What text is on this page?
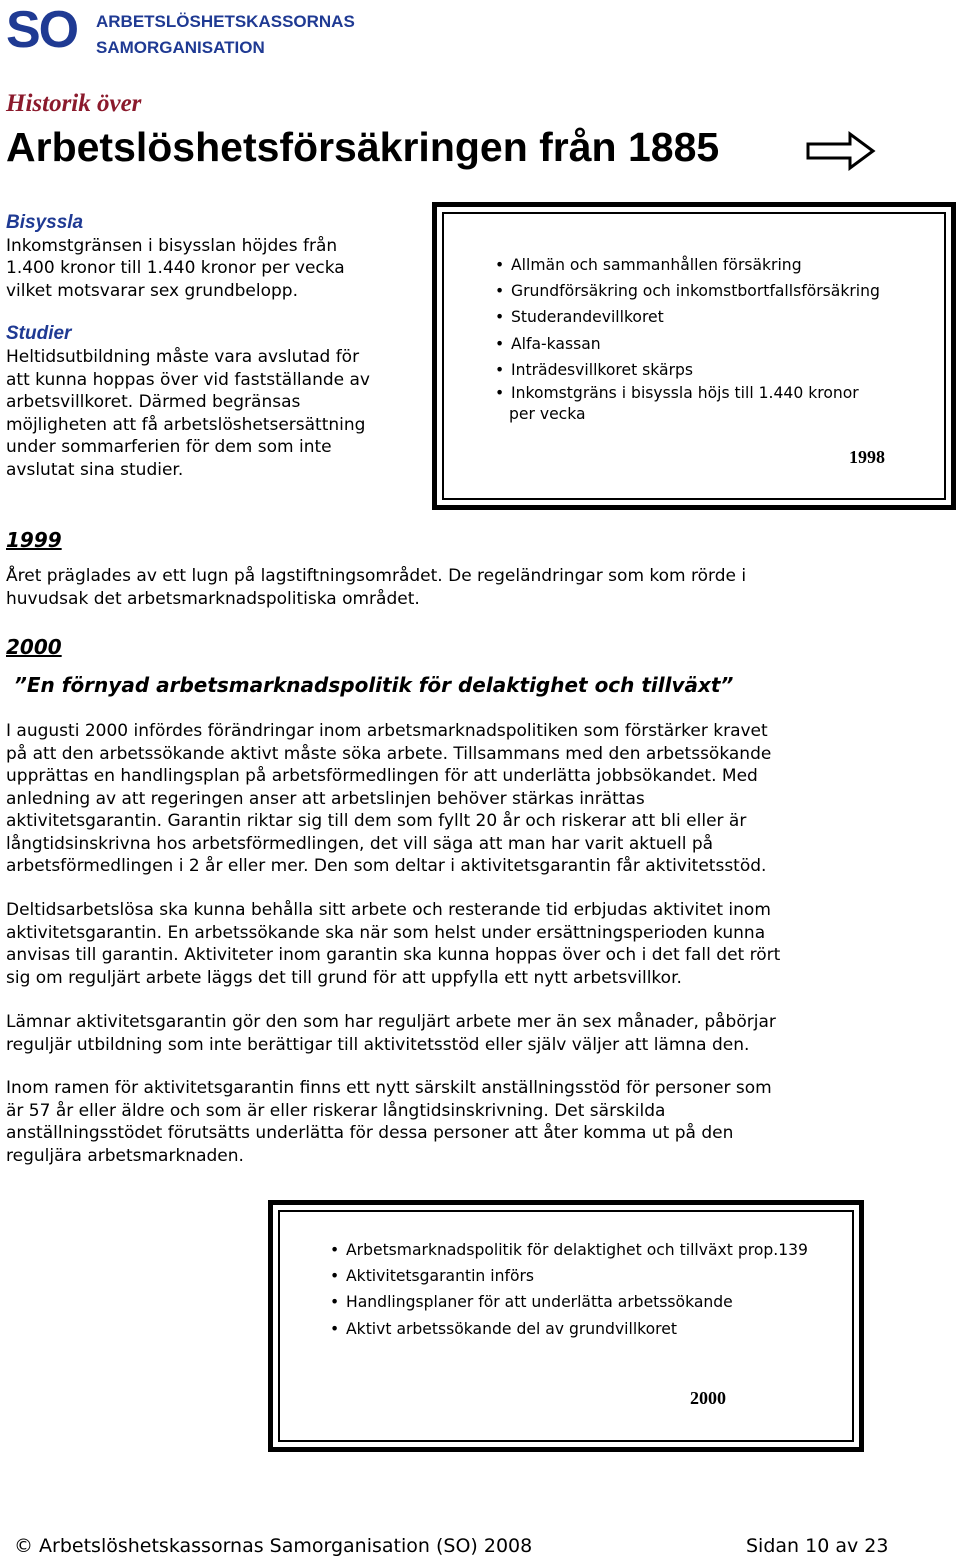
SO ARBETSLÖSHETSKASSORNAS
SAMORGANISATION
Historik över
Arbetslöshetsförsäkringen från 1885
Bisyssla
Inkomstgränsen i bisysslan höjdes från
1.400 kronor till 1.440 kronor per vecka
vilket motsvarar sex grundbelopp.
Studier
Heltidsutbildning måste vara avslutad för
att kunna hoppas över vid fastställande av
arbetsvillkoret. Därmed begränsas
möjligheten att få arbetslöshetsersättning
under sommarferien för dem som inte
avslutat sina studier.
• Allmän och sammanhållen försäkring
• Grundförsäkring och inkomstbortfallsförsäkring
• Studerandevillkoret
• Alfa-kassan
• Inträdesvillkoret skärps
• Inkomstgräns i bisyssla höjs till 1.440 kronor
per vecka
1998
1999
Året präglades av ett lugn på lagstiftningsområdet. De regeländringar som kom rörde i
huvudsak det arbetsmarknadspolitiska området.
2000
”En förnyad arbetsmarknadspolitik för delaktighet och tillväxt”
I augusti 2000 infördes förändringar inom arbetsmarknadspolitiken som förstärker kravet
på att den arbetssökande aktivt måste söka arbete. Tillsammans med den arbetssökande
upprättas en handlingsplan på arbetsförmedlingen för att underlätta jobbsökandet. Med
anledning av att regeringen anser att arbetslinjen behöver stärkas inrättas
aktivitetsgarantin. Garantin riktar sig till dem som fyllt 20 år och riskerar att bli eller är
långtidsinskrivna hos arbetsförmedlingen, det vill säga att man har varit aktuell på
arbetsförmedlingen i 2 år eller mer. Den som deltar i aktivitetsgarantin får aktivitetsstöd.
Deltidsarbetslösa ska kunna behålla sitt arbete och resterande tid erbjudas aktivitet inom
aktivitetsgarantin. En arbetssökande ska när som helst under ersättningsperioden kunna
anvisas till garantin. Aktiviteter inom garantin ska kunna hoppas över och i det fall det rört
sig om reguljärt arbete läggs det till grund för att uppfylla ett nytt arbetsvillkor.
Lämnar aktivitetsgarantin gör den som har reguljärt arbete mer än sex månader, påbörjar
reguljär utbildning som inte berättigar till aktivitetsstöd eller själv väljer att lämna den.
Inom ramen för aktivitetsgarantin finns ett nytt särskilt anställningsstöd för personer som
är 57 år eller äldre och som är eller riskerar långtidsinskrivning. Det särskilda
anställningsstödet förutsätts underlätta för dessa personer att åter komma ut på den
reguljära arbetsmarknaden.
• Arbetsmarknadspolitik för delaktighet och tillväxt prop.139
• Aktivitetsgarantin införs
• Handlingsplaner för att underlätta arbetssökande
• Aktivt arbetssökande del av grundvillkoret
2000
© Arbetslöshetskassornas Samorganisation (SO) 2008	Sidan 10 av 23
